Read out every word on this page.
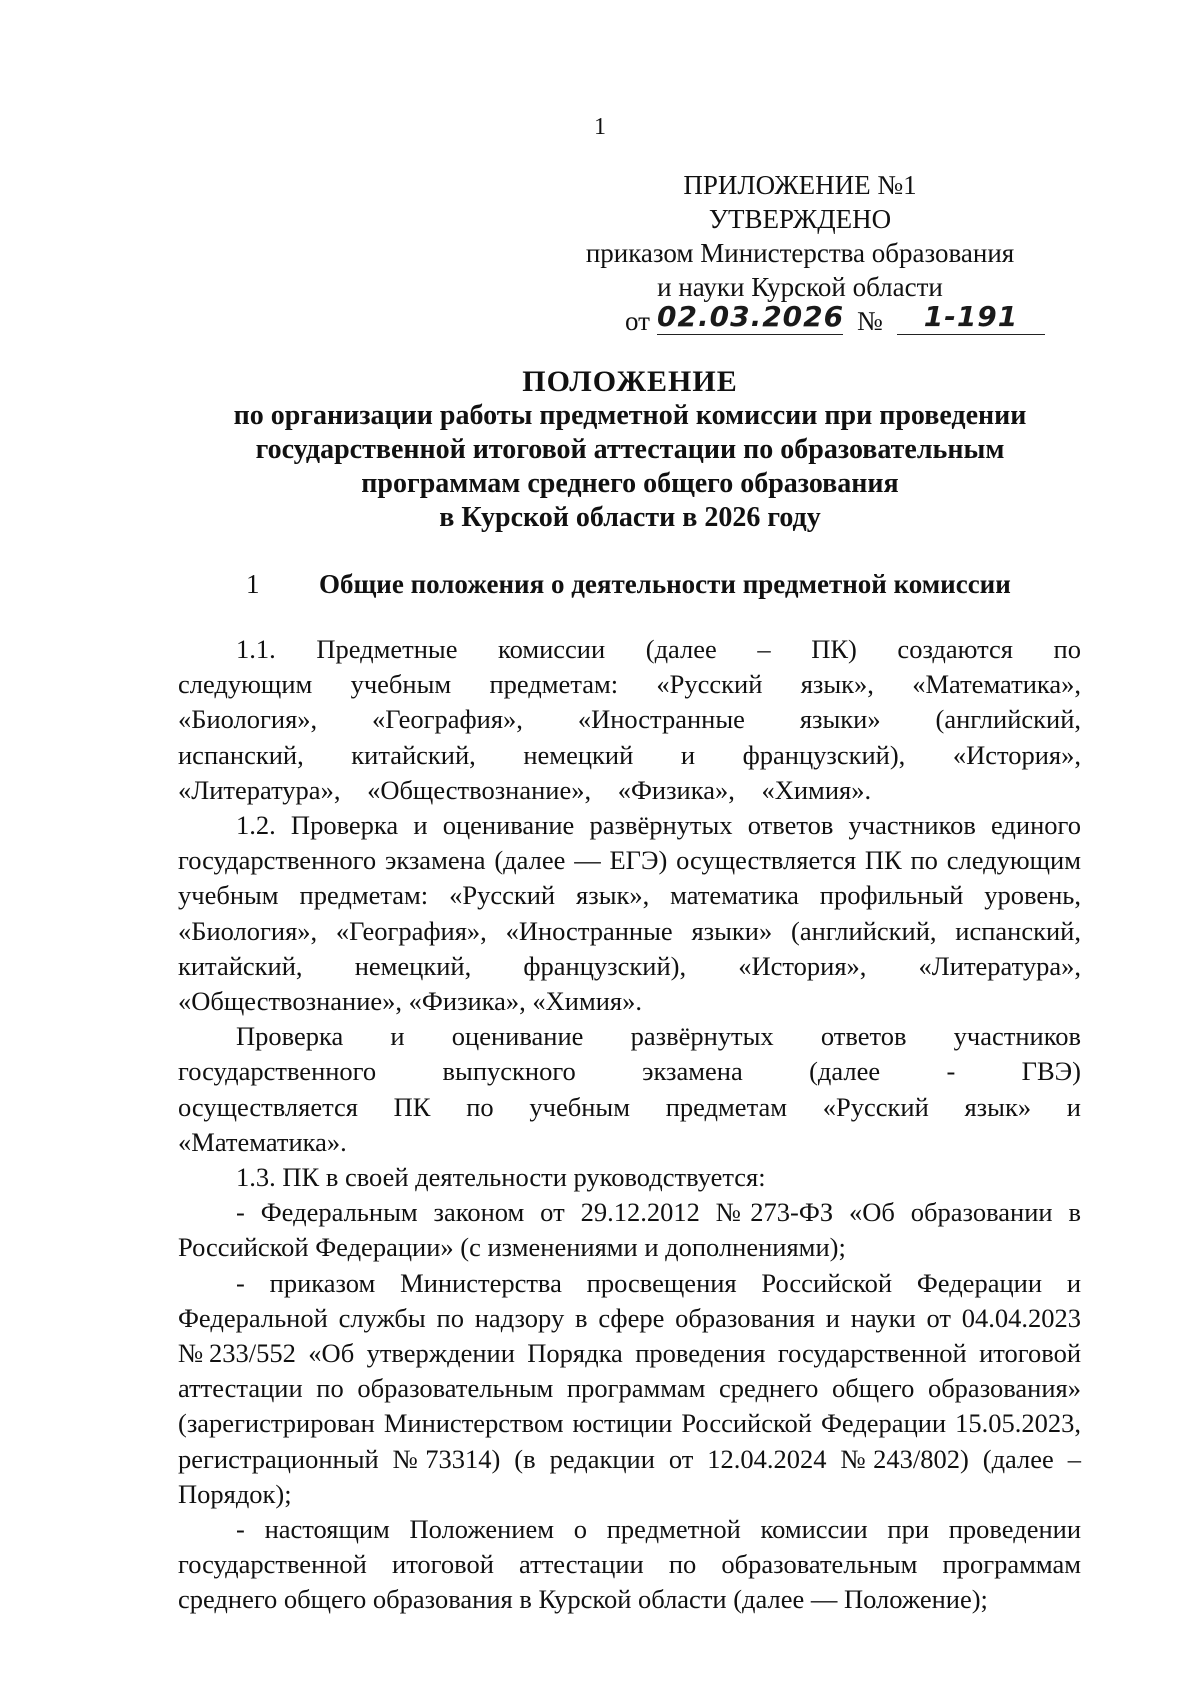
1
ПРИЛОЖЕНИЕ №1
УТВЕРЖДЕНО
приказом Министерства образования
и науки Курской области
от 02.03.2026 №	1-191
ПОЛОЖЕНИЕ
по организации работы предметной комиссии при проведении
государственной итоговой аттестации по образовательным
программам среднего общего образования
в Курской области в 2026 году
1 Общие положения о деятельности предметной комиссии

1.1. Предметные комиссии (далее – ПК) создаются по следующим учебным предметам: «Русский язык», «Математика», «Биология», «География», «Иностранные языки» (английский, испанский, китайский, немецкий и французский), «История», «Литература», «Обществознание», «Физика», «Химия».

1.2. Проверка и оценивание развёрнутых ответов участников единого государственного экзамена (далее — ЕГЭ) осуществляется ПК по следующим учебным предметам: «Русский язык», математика профильный уровень, «Биология», «География», «Иностранные языки» (английский, испанский, китайский, немецкий, французский), «История», «Литература», «Обществознание», «Физика», «Химия».

Проверка и оценивание развёрнутых ответов участников государственного выпускного экзамена (далее - ГВЭ) осуществляется ПК по учебным предметам «Русский язык» и «Математика».

1.3. ПК в своей деятельности руководствуется:

- Федеральным законом от 29.12.2012 №273-ФЗ «Об образовании в Российской Федерации» (с изменениями и дополнениями);

- приказом Министерства просвещения Российской Федерации и Федеральной службы по надзору в сфере образования и науки от 04.04.2023 №233/552 «Об утверждении Порядка проведения государственной итоговой аттестации по образовательным программам среднего общего образования» (зарегистрирован Министерством юстиции Российской Федерации 15.05.2023, регистрационный №73314) (в редакции от 12.04.2024 №243/802) (далее – Порядок);

- настоящим Положением о предметной комиссии при проведении государственной итоговой аттестации по образовательным программам среднего общего образования в Курской области (далее — Положение);
